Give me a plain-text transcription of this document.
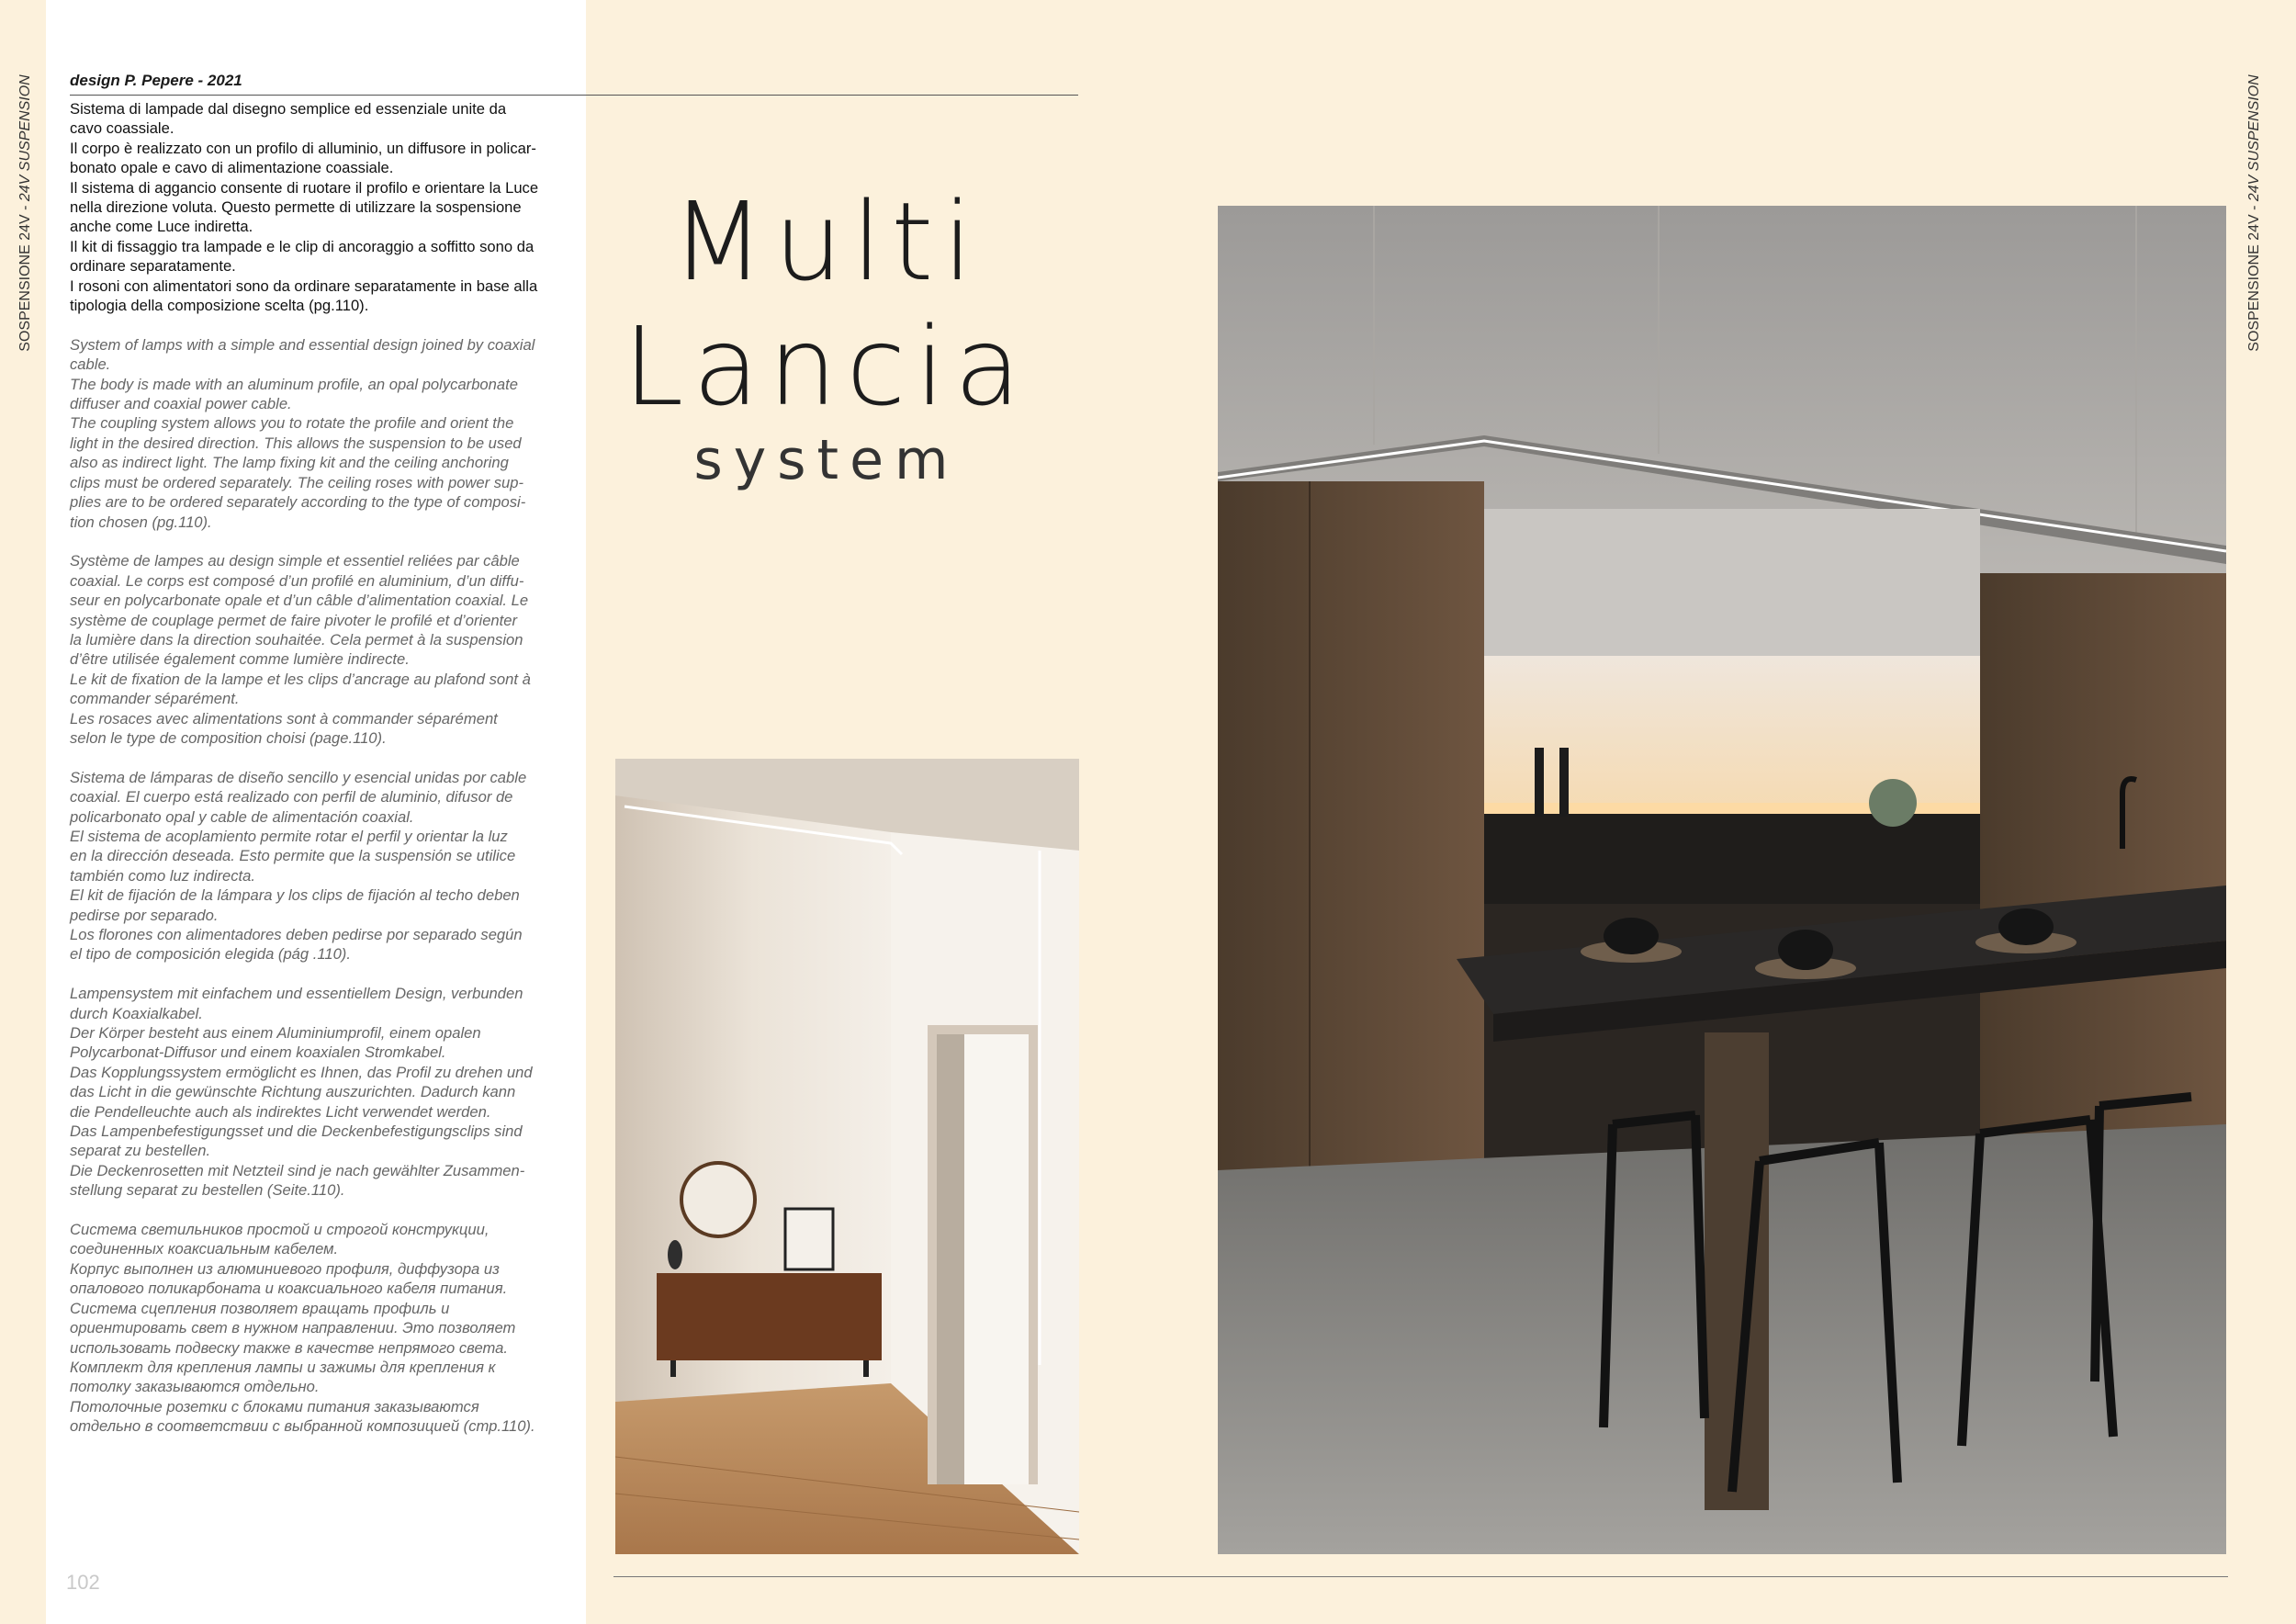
SOSPENSIONE 24V - 24V SUSPENSION
SOSPENSIONE 24V - 24V SUSPENSION
design P. Pepere - 2021

Sistema di lampade dal disegno semplice ed essenziale unite da
cavo coassiale.
Il corpo è realizzato con un profilo di alluminio, un diffusore in policar-
bonato opale e cavo di alimentazione coassiale.
Il sistema di aggancio consente di ruotare il profilo e orientare la Luce
nella direzione voluta. Questo permette di utilizzare la sospensione
anche come Luce indiretta.
Il kit di fissaggio tra lampade e le clip di ancoraggio a soffitto sono da
ordinare separatamente.
I rosoni con alimentatori sono da ordinare separatamente in base alla
tipologia della composizione scelta (pg.110).

System of lamps with a simple and essential design joined by coaxial
cable.
The body is made with an aluminum profile, an opal polycarbonate
diffuser and coaxial power cable.
The coupling system allows you to rotate the profile and orient the
light in the desired direction. This allows the suspension to be used
also as indirect light. The lamp fixing kit and the ceiling anchoring
clips must be ordered separately. The ceiling roses with power sup-
plies are to be ordered separately according to the type of composi-
tion chosen (pg.110).

Système de lampes au design simple et essentiel reliées par câble
coaxial. Le corps est composé d’un profilé en aluminium, d’un diffu-
seur en polycarbonate opale et d’un câble d’alimentation coaxial. Le
système de couplage permet de faire pivoter le profilé et d’orienter
la lumière dans la direction souhaitée. Cela permet à la suspension
d’être utilisée également comme lumière indirecte.
Le kit de fixation de la lampe et les clips d’ancrage au plafond sont à
commander séparément.
Les rosaces avec alimentations sont à commander séparément
selon le type de composition choisi (page.110).

Sistema de lámparas de diseño sencillo y esencial unidas por cable
coaxial. El cuerpo está realizado con perfil de aluminio, difusor de
policarbonato opal y cable de alimentación coaxial.
El sistema de acoplamiento permite rotar el perfil y orientar la luz
en la dirección deseada. Esto permite que la suspensión se utilice
también como luz indirecta.
El kit de fijación de la lámpara y los clips de fijación al techo deben
pedirse por separado.
Los florones con alimentadores deben pedirse por separado según
el tipo de composición elegida (pág .110).

Lampensystem mit einfachem und essentiellem Design, verbunden
durch Koaxialkabel.
Der Körper besteht aus einem Aluminiumprofil, einem opalen
Polycarbonat-Diffusor und einem koaxialen Stromkabel.
Das Kopplungssystem ermöglicht es Ihnen, das Profil zu drehen und
das Licht in die gewünschte Richtung auszurichten. Dadurch kann
die Pendelleuchte auch als indirektes Licht verwendet werden.
Das Lampenbefestigungsset und die Deckenbefestigungsclips sind
separat zu bestellen.
Die Deckenrosetten mit Netzteil sind je nach gewählter Zusammen-
stellung separat zu bestellen (Seite.110).

Система светильников простой и строгой конструкции,
соединенных коаксиальным кабелем.
Корпус выполнен из алюминиевого профиля, диффузора из
опалового поликарбоната и коаксиального кабеля питания.
Система сцепления позволяет вращать профиль и
ориентировать свет в нужном направлении. Это позволяет
использовать подвеску также в качестве непрямого света.
Комплект для крепления лампы и зажимы для крепления к
потолку заказываются отдельно.
Потолочные розетки с блоками питания заказываются
отдельно в соответствии с выбранной композицией (стр.110).

Multi
Lancia
system
102
